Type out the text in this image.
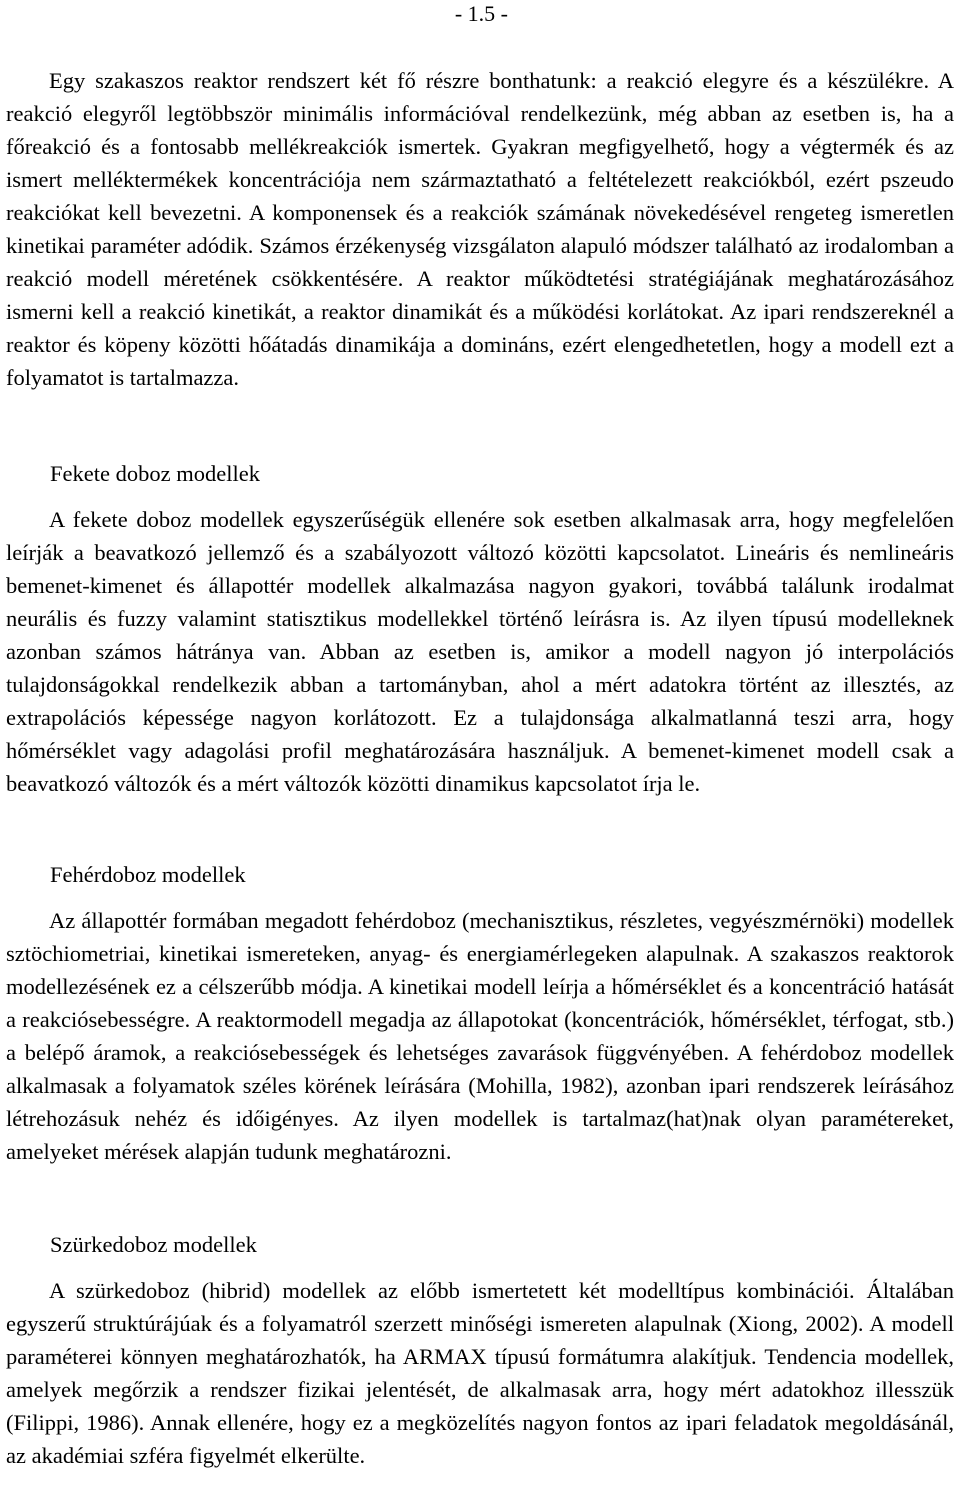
- 1.5 -

Egy szakaszos reaktor rendszert két fő részre bonthatunk: a reakció elegyre és a készülékre. A reakció elegyről legtöbbször minimális információval rendelkezünk, még abban az esetben is, ha a főreakció és a fontosabb mellékreakciók ismertek. Gyakran megfigyelhető, hogy a végtermék és az ismert melléktermékek koncentrációja nem származtatható a feltételezett reakciókból, ezért pszeudo reakciókat kell bevezetni. A komponensek és a reakciók számának növekedésével rengeteg ismeretlen kinetikai paraméter adódik. Számos érzékenység vizsgálaton alapuló módszer található az irodalomban a reakció modell méretének csökkentésére. A reaktor működtetési stratégiájának meghatározásához ismerni kell a reakció kinetikát, a reaktor dinamikát és a működési korlátokat. Az ipari rendszereknél a reaktor és köpeny közötti hőátadás dinamikája a domináns, ezért elengedhetetlen, hogy a modell ezt a folyamatot is tartalmazza.

Fekete doboz modellek

A fekete doboz modellek egyszerűségük ellenére sok esetben alkalmasak arra, hogy megfelelően leírják a beavatkozó jellemző és a szabályozott változó közötti kapcsolatot. Lineáris és nemlineáris bemenet-kimenet és állapottér modellek alkalmazása nagyon gyakori, továbbá találunk irodalmat neurális és fuzzy valamint statisztikus modellekkel történő leírásra is. Az ilyen típusú modelleknek azonban számos hátránya van. Abban az esetben is, amikor a modell nagyon jó interpolációs tulajdonságokkal rendelkezik abban a tartományban, ahol a mért adatokra történt az illesztés, az extrapolációs képessége nagyon korlátozott. Ez a tulajdonsága alkalmatlanná teszi arra, hogy hőmérséklet vagy adagolási profil meghatározására használjuk. A bemenet-kimenet modell csak a beavatkozó változók és a mért változók közötti dinamikus kapcsolatot írja le.

Fehérdoboz modellek

Az állapottér formában megadott fehérdoboz (mechanisztikus, részletes, vegyészmérnöki) modellek sztöchiometriai, kinetikai ismereteken, anyag- és energiamérlegeken alapulnak. A szakaszos reaktorok modellezésének ez a célszerűbb módja. A kinetikai modell leírja a hőmérséklet és a koncentráció hatását a reakciósebességre. A reaktormodell megadja az állapotokat (koncentrációk, hőmérséklet, térfogat, stb.) a belépő áramok, a reakciósebességek és lehetséges zavarások függvényében. A fehérdoboz modellek alkalmasak a folyamatok széles körének leírására (Mohilla, 1982), azonban ipari rendszerek leírásához létrehozásuk nehéz és időigényes. Az ilyen modellek is tartalmaz(hat)nak olyan paramétereket, amelyeket mérések alapján tudunk meghatározni.

Szürkedoboz modellek

A szürkedoboz (hibrid) modellek az előbb ismertetett két modelltípus kombinációi. Általában egyszerű struktúrájúak és a folyamatról szerzett minőségi ismereten alapulnak (Xiong, 2002). A modell paraméterei könnyen meghatározhatók, ha ARMAX típusú formátumra alakítjuk. Tendencia modellek, amelyek megőrzik a rendszer fizikai jelentését, de alkalmasak arra, hogy mért adatokhoz illesszük (Filippi, 1986). Annak ellenére, hogy ez a megközelítés nagyon fontos az ipari feladatok megoldásánál, az akadémiai szféra figyelmét elkerülte.
